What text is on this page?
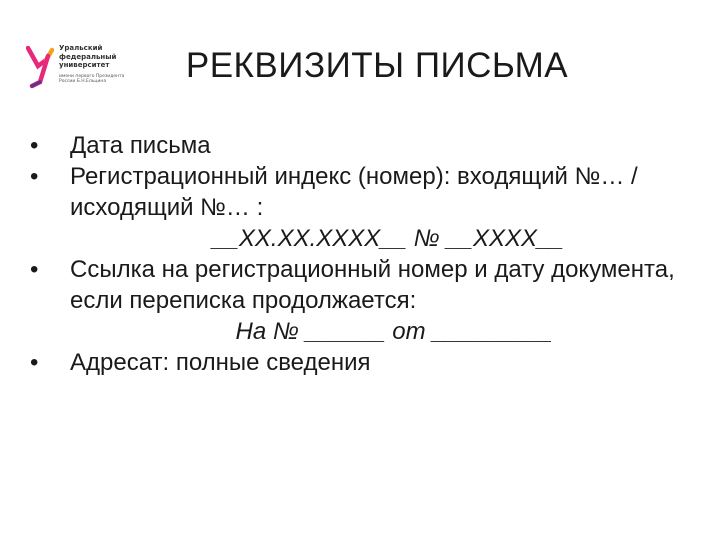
Уральский федеральный университет
имени первого Президента России Б.Н.Ельцина	РЕКВИЗИТЫ ПИСЬМА
• Дата письма
• Регистрационный индекс (номер): входящий №… / исходящий №… :
__XX.XX.XXXX__ № __XXXX__
• Ссылка на регистрационный номер и дату документа, если переписка продолжается:
На № ______ от _________
• Адресат: полные сведения
